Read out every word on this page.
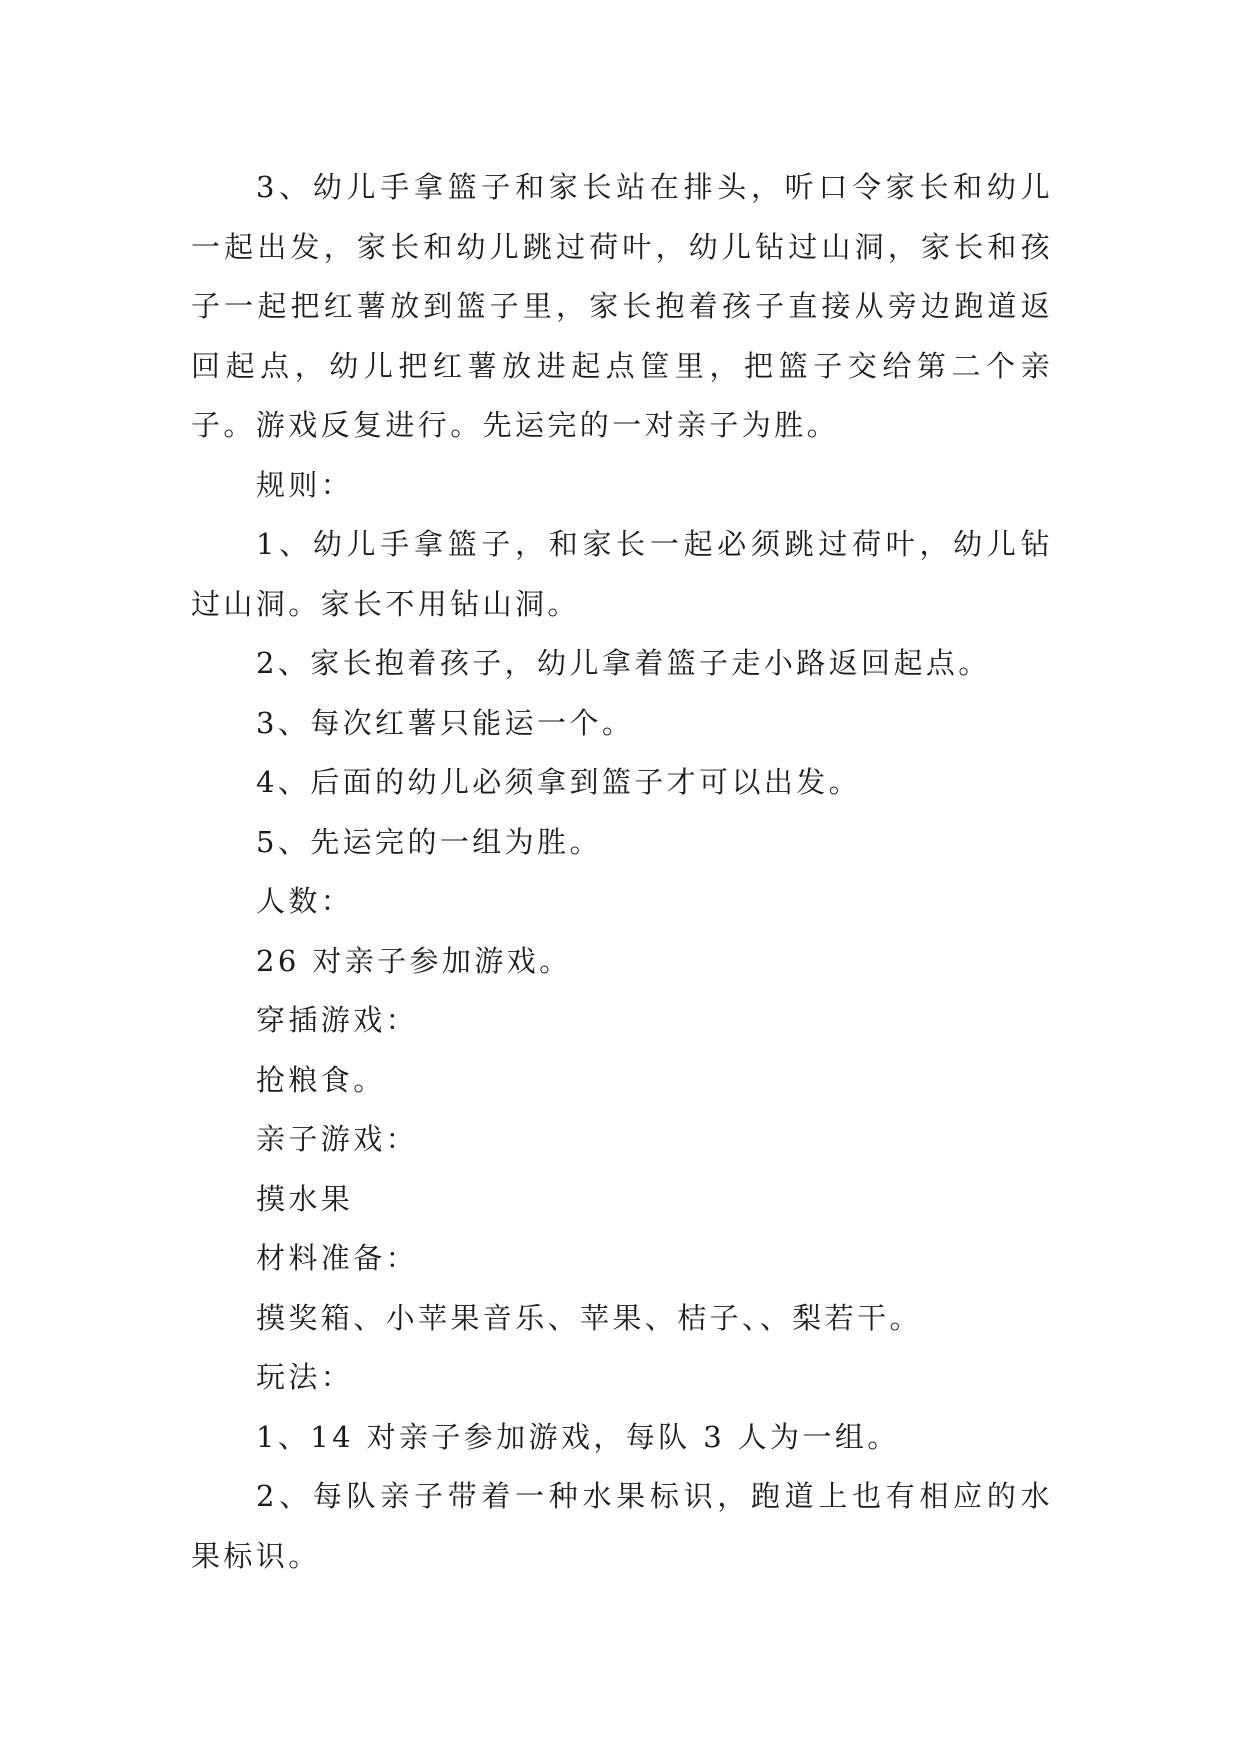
3、幼儿手拿篮子和家长站在排头，听口令家长和幼儿一起出发，家长和幼儿跳过荷叶，幼儿钻过山洞，家长和孩子一起把红薯放到篮子里，家长抱着孩子直接从旁边跑道返回起点，幼儿把红薯放进起点筐里，把篮子交给第二个亲子。游戏反复进行。先运完的一对亲子为胜。

规则：

1、幼儿手拿篮子，和家长一起必须跳过荷叶，幼儿钻过山洞。家长不用钻山洞。

2、家长抱着孩子，幼儿拿着篮子走小路返回起点。

3、每次红薯只能运一个。

4、后面的幼儿必须拿到篮子才可以出发。

5、先运完的一组为胜。

人数：

26 对亲子参加游戏。

穿插游戏：

抢粮食。

亲子游戏：

摸水果

材料准备：

摸奖箱、小苹果音乐、苹果、桔子、、梨若干。

玩法：

1、14 对亲子参加游戏，每队 3 人为一组。

2、每队亲子带着一种水果标识，跑道上也有相应的水果标识。
